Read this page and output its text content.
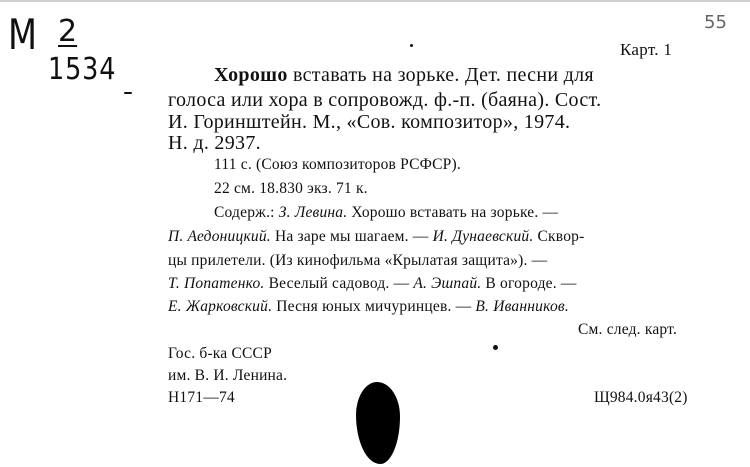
М 2
1534
55
Карт. 1
Хорошо вставать на зорьке. Дет. песни для
голоса или хора в сопровожд. ф.-п. (баяна). Сост.
И. Горинштейн. М., «Сов. композитор», 1974.
Н. д. 2937.
111 с. (Союз композиторов РСФСР).
22 см. 18.830 экз. 71 к.
Содерж.: З. Левина. Хорошо вставать на зорьке. —
П. Аедоницкий. На заре мы шагаем. — И. Дунаевский. Сквор-
цы прилетели. (Из кинофильма «Крылатая защита»). —
Т. Попатенко. Веселый садовод. — А. Эшпай. В огороде. —
Е. Жарковский. Песня юных мичуринцев. — В. Иванников.
См. след. карт.
Гос. б-ка СССР
им. В. И. Ленина.
Н171—74	Щ984.0я43(2)
